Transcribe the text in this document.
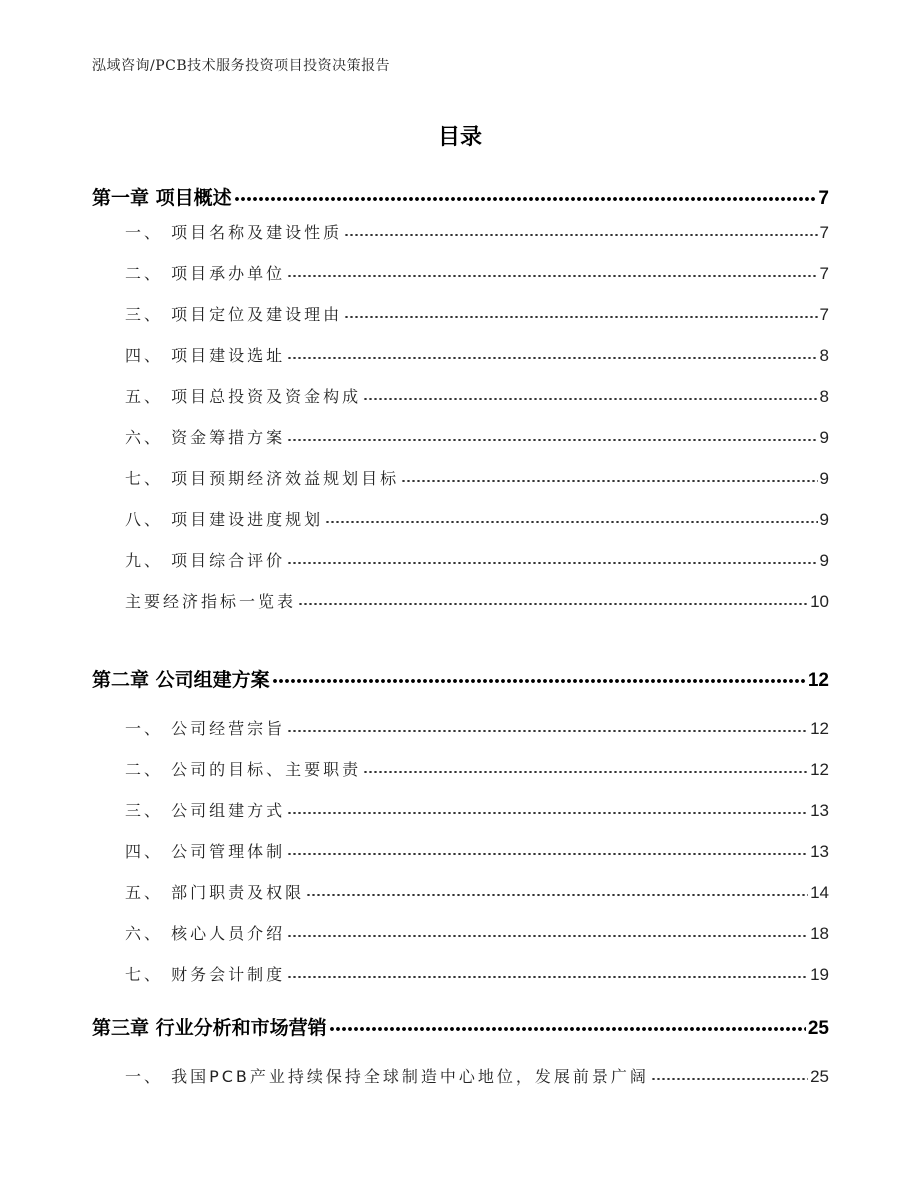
泓域咨询/PCB技术服务投资项目投资决策报告
目录
第一章 项目概述	7
一、 项目名称及建设性质	7
二、 项目承办单位	7
三、 项目定位及建设理由	7
四、 项目建设选址	8
五、 项目总投资及资金构成	8
六、 资金筹措方案	9
七、 项目预期经济效益规划目标	9
八、 项目建设进度规划	9
九、 项目综合评价	9
主要经济指标一览表	10
第二章 公司组建方案	12
一、 公司经营宗旨	12
二、 公司的目标、主要职责	12
三、 公司组建方式	13
四、 公司管理体制	13
五、 部门职责及权限	14
六、 核心人员介绍	18
七、 财务会计制度	19
第三章 行业分析和市场营销	25
一、 我国PCB产业持续保持全球制造中心地位，发展前景广阔	25
